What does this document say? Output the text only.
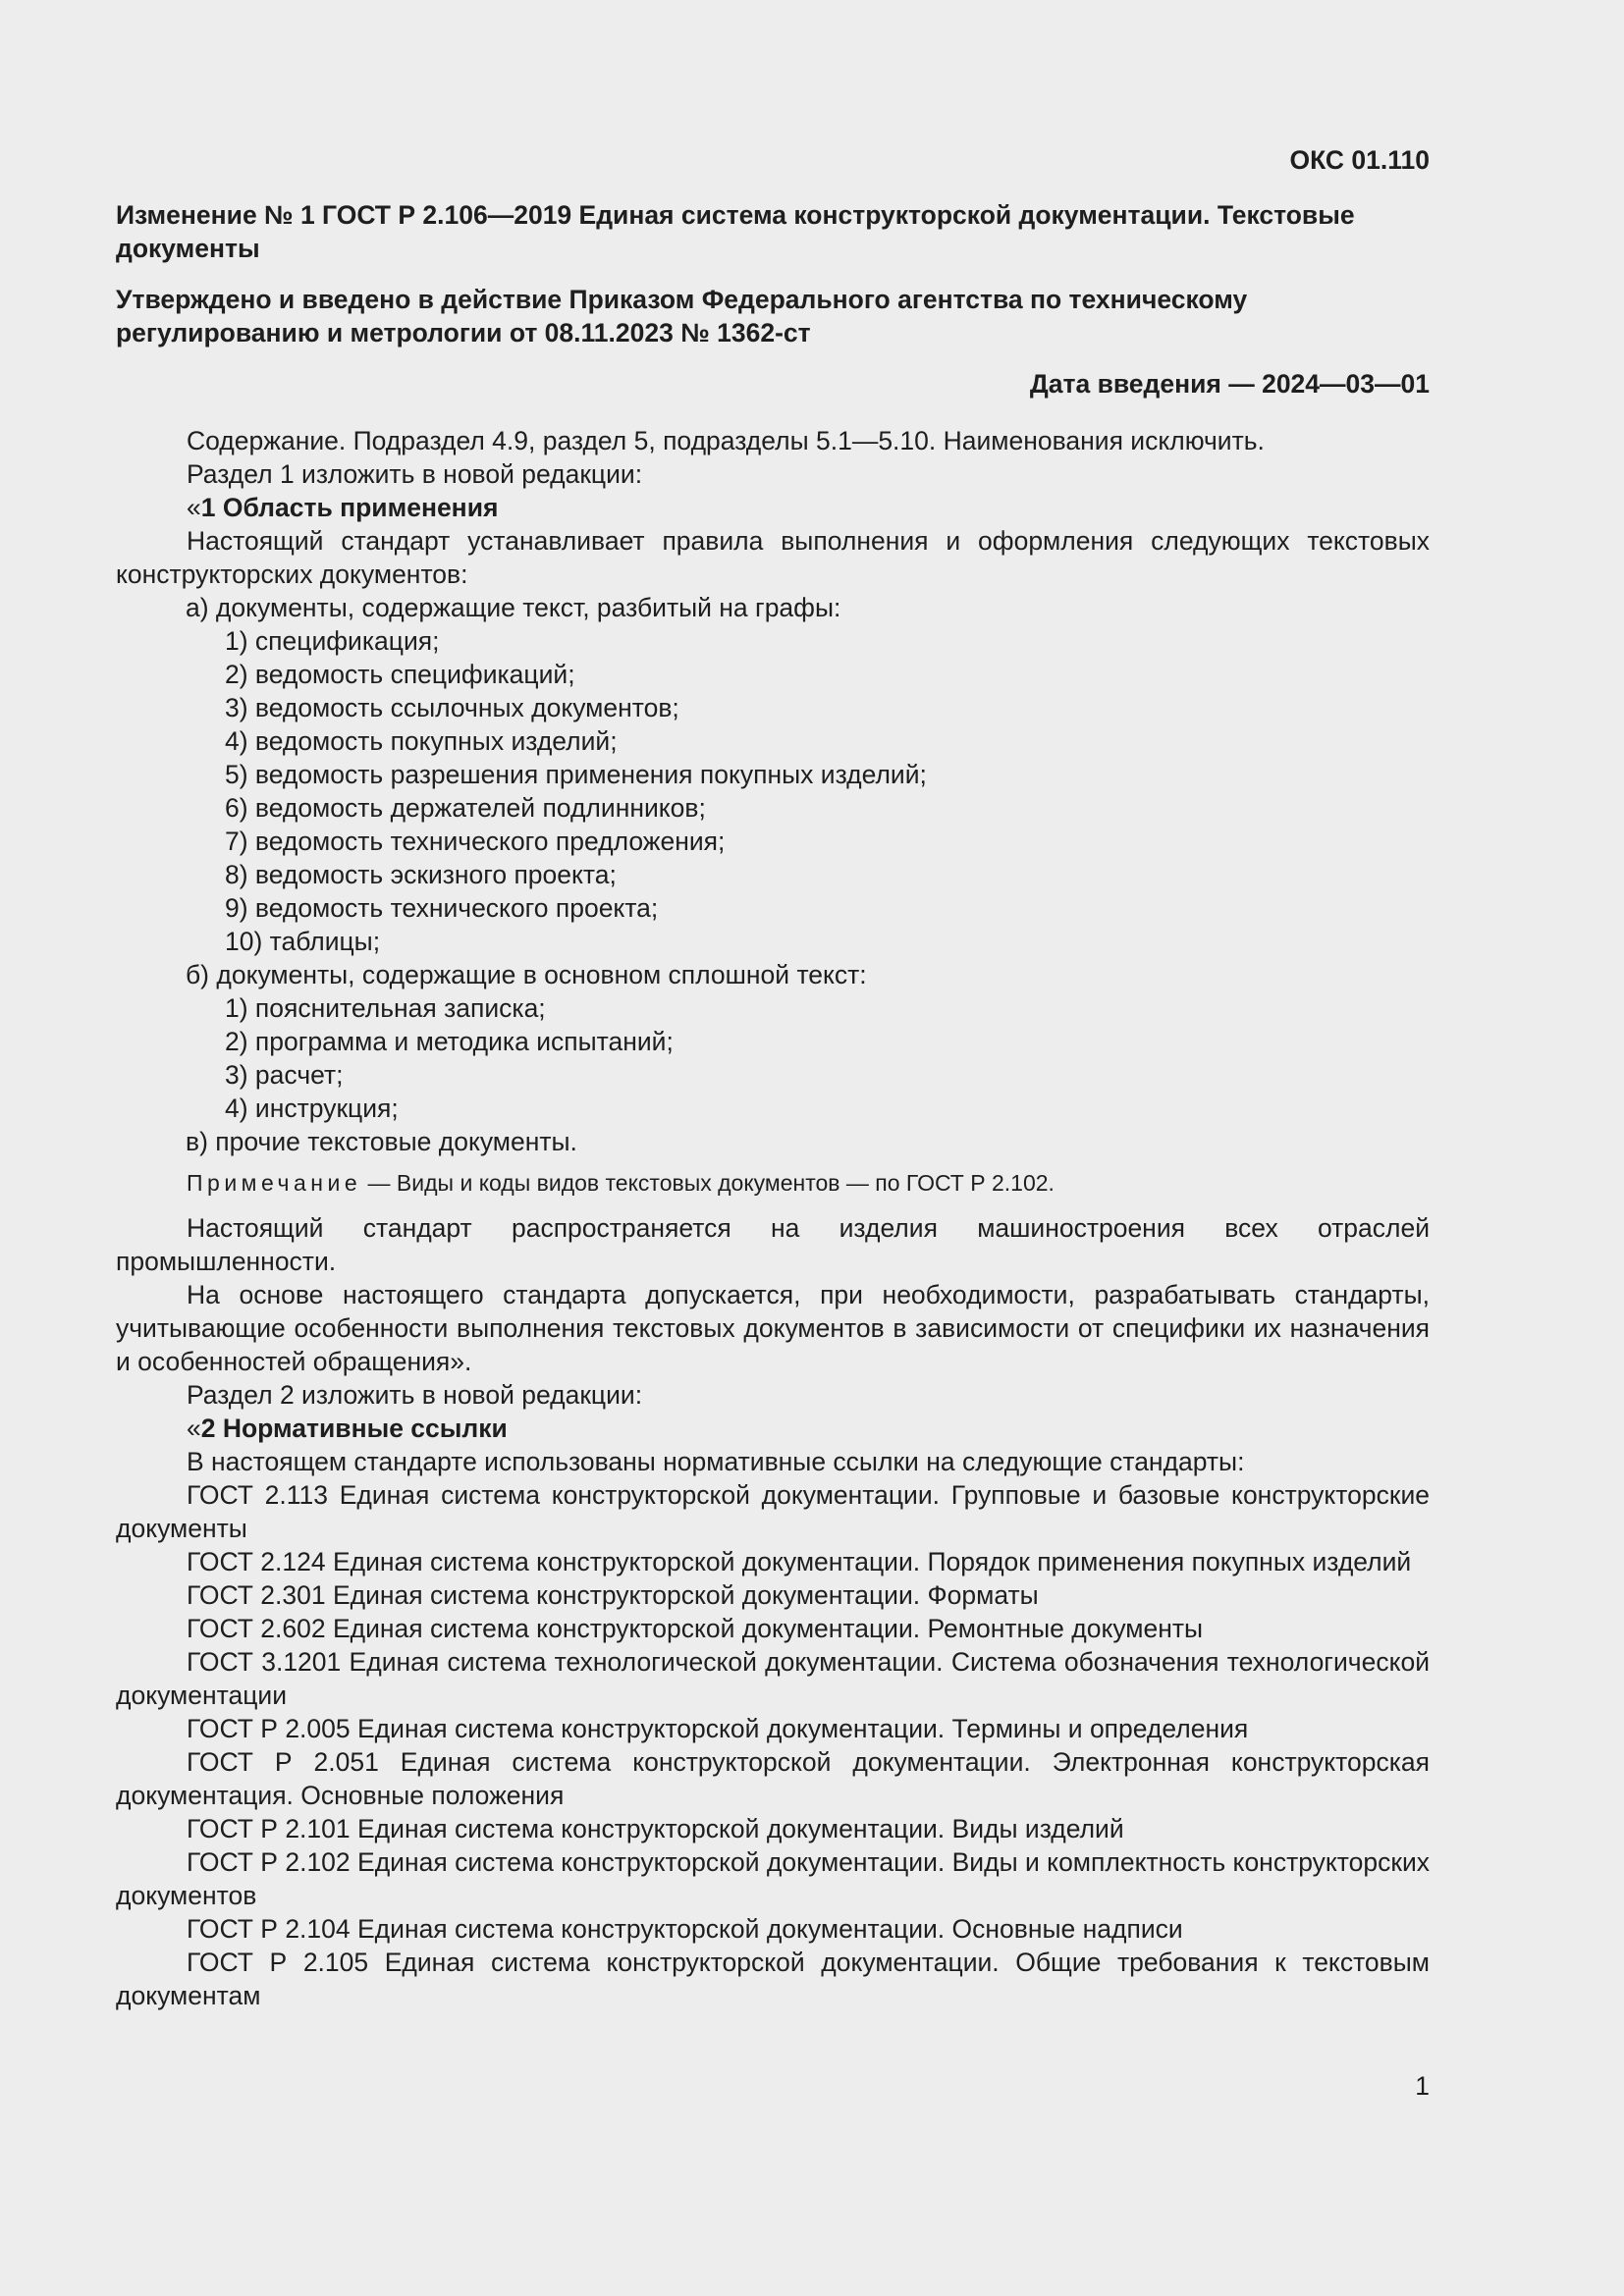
ОКС 01.110
Изменение № 1 ГОСТ Р 2.106—2019 Единая система конструкторской документации. Текстовые документы
Утверждено и введено в действие Приказом Федерального агентства по техническому регулированию и метрологии от 08.11.2023 № 1362-ст
Дата введения — 2024—03—01
Содержание. Подраздел 4.9, раздел 5, подразделы 5.1—5.10. Наименования исключить.
Раздел 1 изложить в новой редакции:
«1 Область применения
Настоящий стандарт устанавливает правила выполнения и оформления следующих текстовых конструкторских документов:
а) документы, содержащие текст, разбитый на графы:
1) спецификация;
2) ведомость спецификаций;
3) ведомость ссылочных документов;
4) ведомость покупных изделий;
5) ведомость разрешения применения покупных изделий;
6) ведомость держателей подлинников;
7) ведомость технического предложения;
8) ведомость эскизного проекта;
9) ведомость технического проекта;
10) таблицы;
б) документы, содержащие в основном сплошной текст:
1) пояснительная записка;
2) программа и методика испытаний;
3) расчет;
4) инструкция;
в) прочие текстовые документы.
Примечание — Виды и коды видов текстовых документов — по ГОСТ Р 2.102.
Настоящий стандарт распространяется на изделия машиностроения всех отраслей промышленности.
На основе настоящего стандарта допускается, при необходимости, разрабатывать стандарты, учитывающие особенности выполнения текстовых документов в зависимости от специфики их назначения и особенностей обращения».
Раздел 2 изложить в новой редакции:
«2 Нормативные ссылки
В настоящем стандарте использованы нормативные ссылки на следующие стандарты:
ГОСТ 2.113 Единая система конструкторской документации. Групповые и базовые конструкторские документы
ГОСТ 2.124 Единая система конструкторской документации. Порядок применения покупных изделий
ГОСТ 2.301 Единая система конструкторской документации. Форматы
ГОСТ 2.602 Единая система конструкторской документации. Ремонтные документы
ГОСТ 3.1201 Единая система технологической документации. Система обозначения технологической документации
ГОСТ Р 2.005 Единая система конструкторской документации. Термины и определения
ГОСТ Р 2.051 Единая система конструкторской документации. Электронная конструкторская документация. Основные положения
ГОСТ Р 2.101 Единая система конструкторской документации. Виды изделий
ГОСТ Р 2.102 Единая система конструкторской документации. Виды и комплектность конструкторских документов
ГОСТ Р 2.104 Единая система конструкторской документации. Основные надписи
ГОСТ Р 2.105 Единая система конструкторской документации. Общие требования к текстовым документам
1
